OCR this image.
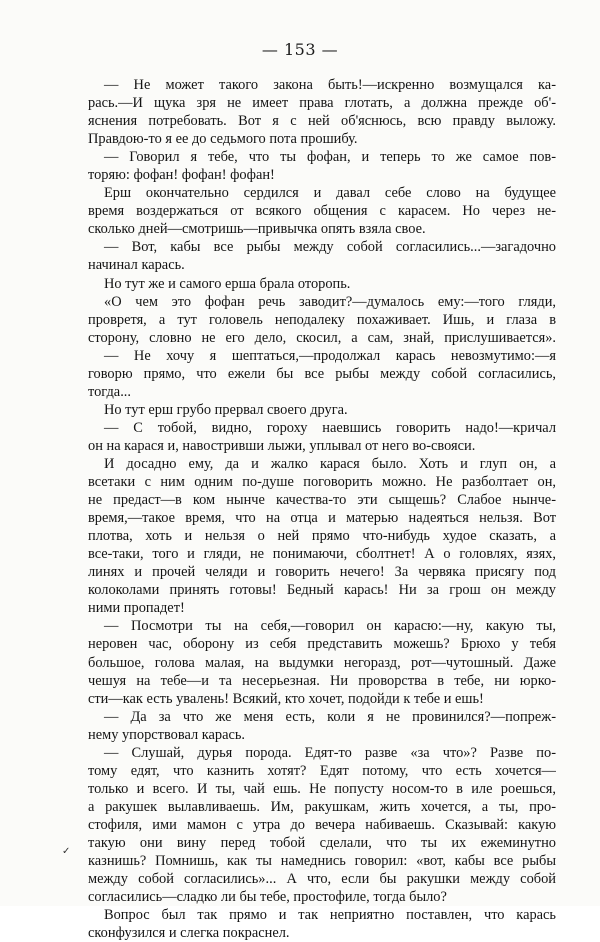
— 153 —
— Не может такого закона быть!—искренно возмущался ка-
рась.—И щука зря не имеет права глотать, а должна прежде об'-
яснения потребовать. Вот я с ней об'яснюсь, всю правду выложу.
Правдою-то я ее до седьмого пота прошибу.
— Говорил я тебе, что ты фофан, и теперь то же самое пов-
торяю: фофан! фофан! фофан!
Ерш окончательно сердился и давал себе слово на будущее
время воздержаться от всякого общения с карасем. Но через не-
сколько дней—смотришь—привычка опять взяла свое.
— Вот, кабы все рыбы между собой согласились...—загадочно
начинал карась.
Но тут же и самого ерша брала оторопь.
«О чем это фофан речь заводит?—думалось ему:—того гляди,
провретя, а тут головель неподалеку похаживает. Ишь, и глаза в
сторону, словно не его дело, скосил, а сам, знай, прислушивается».
— Не хочу я шептаться,—продолжал карась невозмутимо:—я
говорю прямо, что ежели бы все рыбы между собой согласились,
тогда...
Но тут ерш грубо прервал своего друга.
— С тобой, видно, гороху наевшись говорить надо!—кричал
он на карася и, навостривши лыжи, уплывал от него во-свояси.
И досадно ему, да и жалко карася было. Хоть и глуп он, а
всетаки с ним одним по-душе поговорить можно. Не разболтает он,
не предаст—в ком нынче качества-то эти сыщешь? Слабое нынче-
время,—такое время, что на отца и матерью надеяться нельзя. Вот
плотва, хоть и нельзя о ней прямо что-нибудь худое сказать, а
все-таки, того и гляди, не понимаючи, сболтнет! А о головлях, язях,
линях и прочей челяди и говорить нечего! За червяка присягу под
колоколами принять готовы! Бедный карась! Ни за грош он между
ними пропадет!
— Посмотри ты на себя,—говорил он карасю:—ну, какую ты,
неровен час, оборону из себя представить можешь? Брюхо у тебя
большое, голова малая, на выдумки негоразд, рот—чутошный. Даже
чешуя на тебе—и та несерьезная. Ни проворства в тебе, ни юрко-
сти—как есть увалень! Всякий, кто хочет, подойди к тебе и ешь!
— Да за что же меня есть, коли я не провинился?—попреж-
нему упорствовал карась.
— Слушай, дурья порода. Едят-то разве «за что»? Разве по-
тому едят, что казнить хотят? Едят потому, что есть хочется—
только и всего. И ты, чай ешь. Не попусту носом-то в иле роешься,
а ракушек вылавливаешь. Им, ракушкам, жить хочется, а ты, про-
стофиля, ими мамон с утра до вечера набиваешь. Сказывай: какую
такую они вину перед тобой сделали, что ты их ежеминутно
казнишь? Помнишь, как ты намеднись говорил: «вот, кабы все рыбы
между собой согласились»... А что, если бы ракушки между собой
согласились—сладко ли бы тебе, простофиле, тогда было?
Вопрос был так прямо и так неприятно поставлен, что карась
сконфузился и слегка покраснел.
✓
